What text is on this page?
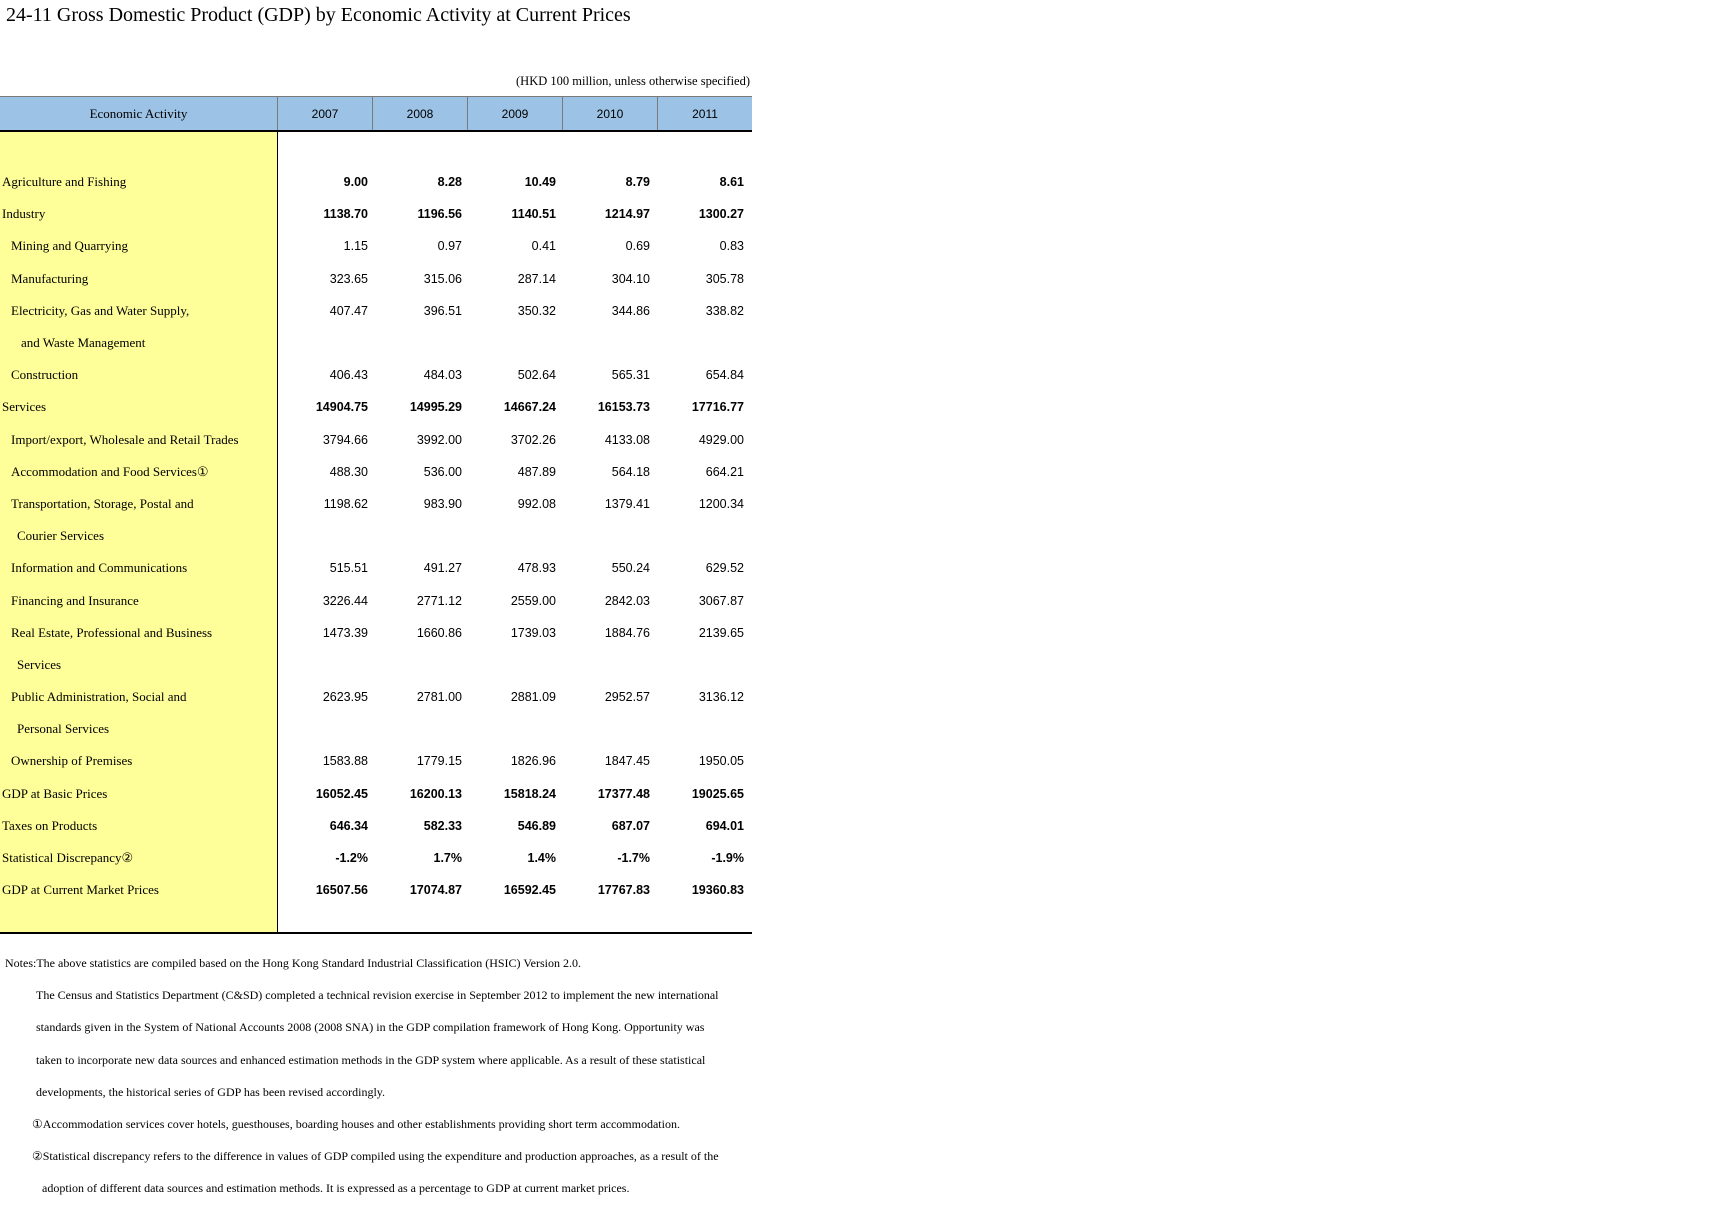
24-11 Gross Domestic Product (GDP) by Economic Activity at Current Prices
(HKD 100 million, unless otherwise specified)
Economic Activity	2007	2008	2009	2010	2011
Agriculture and Fishing	9.00	8.28	10.49	8.79	8.61
Industry	1138.70	1196.56	1140.51	1214.97	1300.27
Mining and Quarrying	1.15	0.97	0.41	0.69	0.83
Manufacturing	323.65	315.06	287.14	304.10	305.78
Electricity, Gas and Water Supply,	407.47	396.51	350.32	344.86	338.82
and Waste Management
Construction	406.43	484.03	502.64	565.31	654.84
Services	14904.75	14995.29	14667.24	16153.73	17716.77
Import/export, Wholesale and Retail Trades	3794.66	3992.00	3702.26	4133.08	4929.00
Accommodation and Food Services①	488.30	536.00	487.89	564.18	664.21
Transportation, Storage, Postal and	1198.62	983.90	992.08	1379.41	1200.34
Courier Services
Information and Communications	515.51	491.27	478.93	550.24	629.52
Financing and Insurance	3226.44	2771.12	2559.00	2842.03	3067.87
Real Estate, Professional and Business	1473.39	1660.86	1739.03	1884.76	2139.65
Services
Public Administration, Social and	2623.95	2781.00	2881.09	2952.57	3136.12
Personal Services
Ownership of Premises	1583.88	1779.15	1826.96	1847.45	1950.05
GDP at Basic Prices	16052.45	16200.13	15818.24	17377.48	19025.65
Taxes on Products	646.34	582.33	546.89	687.07	694.01
Statistical Discrepancy②	-1.2%	1.7%	1.4%	-1.7%	-1.9%
GDP at Current Market Prices	16507.56	17074.87	16592.45	17767.83	19360.83
Notes:The above statistics are compiled based on the Hong Kong Standard Industrial Classification (HSIC) Version 2.0.
The Census and Statistics Department (C&SD) completed a technical revision exercise in September 2012 to implement the new international
standards given in the System of National Accounts 2008 (2008 SNA) in the GDP compilation framework of Hong Kong. Opportunity was
taken to incorporate new data sources and enhanced estimation methods in the GDP system where applicable. As a result of these statistical
developments, the historical series of GDP has been revised accordingly.
①Accommodation services cover hotels, guesthouses, boarding houses and other establishments providing short term accommodation.
②Statistical discrepancy refers to the difference in values of GDP compiled using the expenditure and production approaches, as a result of the
adoption of different data sources and estimation methods. It is expressed as a percentage to GDP at current market prices.
